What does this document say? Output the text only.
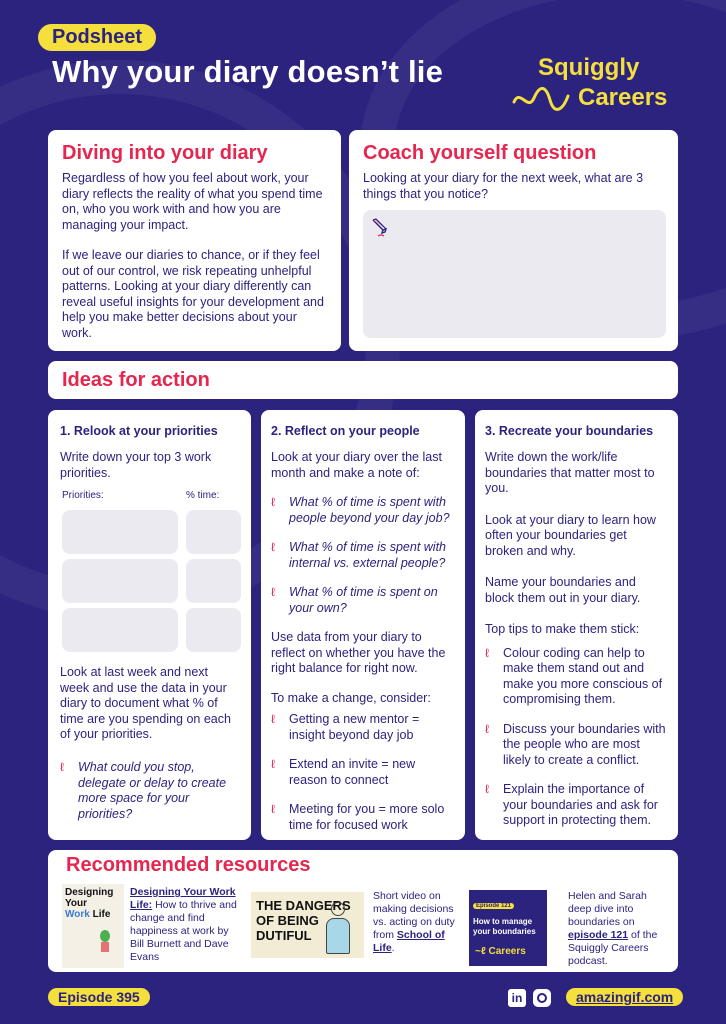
Podsheet
Why your diary doesn’t lie	Squiggly
Careers
Diving into your diary
Regardless of how you feel about work, your diary reflects the reality of what you spend time on, who you work with and how you are managing your impact.
If we leave our diaries to chance, or if they feel out of our control, we risk repeating unhelpful patterns. Looking at your diary differently can reveal useful insights for your development and help you make better decisions about your work.
Coach yourself question
Looking at your diary for the next week, what are 3 things that you notice?
Ideas for action
1. Relook at your priorities
Write down your top 3 work priorities.
Priorities:	% time:
Look at last week and next week and use the data in your diary to document what % of time are you spending on each of your priorities.
ℓ	What could you stop, delegate or delay to create more space for your priorities?
2. Reflect on your people
Look at your diary over the last month and make a note of:
ℓ	What % of time is spent with people beyond your day job?
ℓ	What % of time is spent with internal vs. external people?
ℓ	What % of time is spent on your own?
Use data from your diary to reflect on whether you have the right balance for right now.
To make a change, consider:
ℓ	Getting a new mentor = insight beyond day job
ℓ	Extend an invite = new reason to connect
ℓ	Meeting for you = more solo time for focused work
3. Recreate your boundaries
Write down the work/life boundaries that matter most to you.
Look at your diary to learn how often your boundaries get broken and why.
Name your boundaries and block them out in your diary.
Top tips to make them stick:
ℓ	Colour coding can help to make them stand out and make you more conscious of compromising them.
ℓ	Discuss your boundaries with the people who are most likely to create a conflict.
ℓ	Explain the importance of your boundaries and ask for support in protecting them.
Recommended resources
Designing
Your
Work Life
Designing Your Work Life: How to thrive and change and find happiness at work by Bill Burnett and Dave Evans
THE DANGERS
OF BEING
DUTIFUL
Short video on making decisions vs. acting on duty from School of Life.
Episode 121
How to manage your boundaries
~ℓ Careers
Helen and Sarah deep dive into boundaries on episode 121 of the Squiggly Careers podcast.
Episode 395	in	amazingif.com
